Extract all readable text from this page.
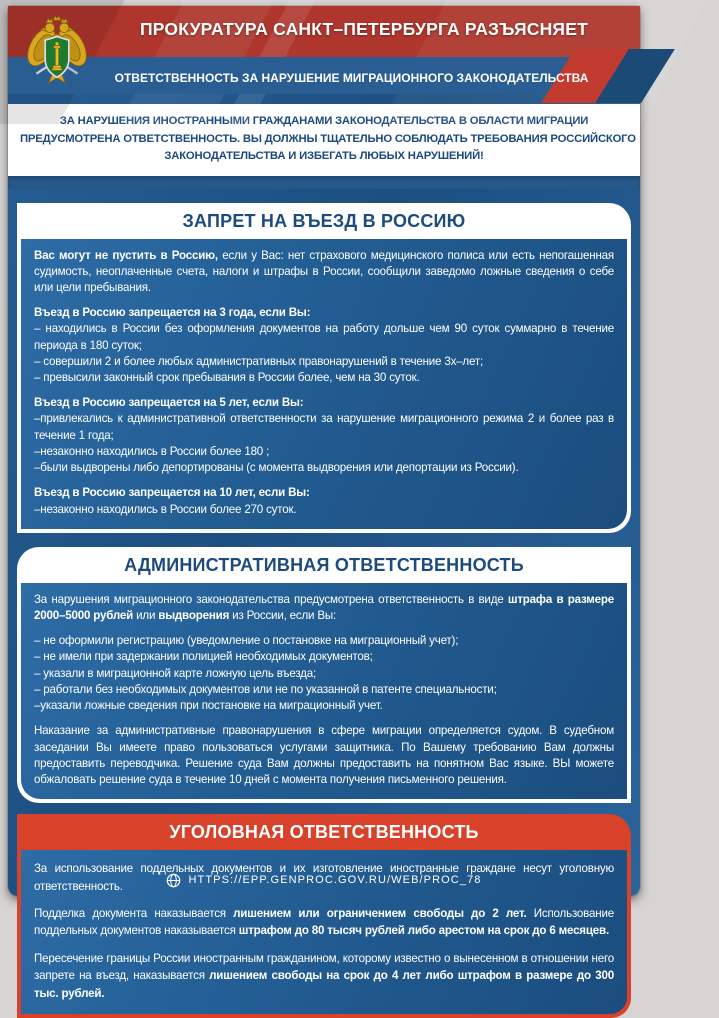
ПРОКУРАТУРА САНКТ–ПЕТЕРБУРГА РАЗЪЯСНЯЕТ
ОТВЕТСТВЕННОСТЬ ЗА НАРУШЕНИЕ МИГРАЦИОННОГО ЗАКОНОДАТЕЛЬСТВА
ЗА НАРУШЕНИЯ ИНОСТРАННЫМИ ГРАЖДАНАМИ ЗАКОНОДАТЕЛЬСТВА В ОБЛАСТИ МИГРАЦИИ
ПРЕДУСМОТРЕНА ОТВЕТСТВЕННОСТЬ. ВЫ ДОЛЖНЫ ТЩАТЕЛЬНО СОБЛЮДАТЬ ТРЕБОВАНИЯ РОССИЙСКОГО
ЗАКОНОДАТЕЛЬСТВА И ИЗБЕГАТЬ ЛЮБЫХ НАРУШЕНИЙ!
ЗАПРЕТ НА ВЪЕЗД В РОССИЮ

Вас могут не пустить в Россию, если у Вас: нет страхового медицинского полиса или есть непогашенная судимость, неоплаченные счета, налоги и штрафы в России, сообщили заведомо ложные сведения о себе или цели пребывания.

Въезд в Россию запрещается на 3 года, если Вы:

– находились в России без оформления документов на работу дольше чем 90 суток суммарно в течение периода в 180 суток;

– совершили 2 и более любых административных правонарушений в течение 3х–лет;

– превысили законный срок пребывания в России более, чем на 30 суток.

Въезд в Россию запрещается на 5 лет, если Вы:

–привлекались к административной ответственности за нарушение миграционного режима 2 и более раз в течение 1 года;

–незаконно находились в России более 180 ;

–были выдворены либо депортированы (с момента выдворения или депортации из России).

Въезд в Россию запрещается на 10 лет, если Вы:

–незаконно находились в России более 270 суток.

АДМИНИСТРАТИВНАЯ ОТВЕТСТВЕННОСТЬ

За нарушения миграционного законодательства предусмотрена ответственность в виде штрафа в размере 2000–5000 рублей или выдворения из России, если Вы:

– не оформили регистрацию (уведомление о постановке на миграционный учет);

– не имели при задержании полицией необходимых документов;

– указали в миграционной карте ложную цель въезда;

– работали без необходимых документов или не по указанной в патенте специальности;

–указали ложные сведения при постановке на миграционный учет.

Наказание за административные правонарушения в сфере миграции определяется судом. В судебном заседании Вы имеете право пользоваться услугами защитника. По Вашему требованию Вам должны предоставить переводчика. Решение суда Вам должны предоставить на понятном Вас языке. ВЫ можете обжаловать решение суда в течение 10 дней с момента получения письменного решения.

УГОЛОВНАЯ ОТВЕТСТВЕННОСТЬ

За использование поддельных документов и их изготовление иностранные граждане несут уголовную ответственность.

Подделка документа наказывается лишением или ограничением свободы до 2 лет. Использование поддельных документов наказывается штрафом до 80 тысяч рублей либо арестом на срок до 6 месяцев.

Пересечение границы России иностранным гражданином, которому известно о вынесенном в отношении него запрете на въезд, наказывается лишением свободы на срок до 4 лет либо штрафом в размере до 300 тыс. рублей.

HTTPS://EPP.GENPROC.GOV.RU/WEB/PROC_78
